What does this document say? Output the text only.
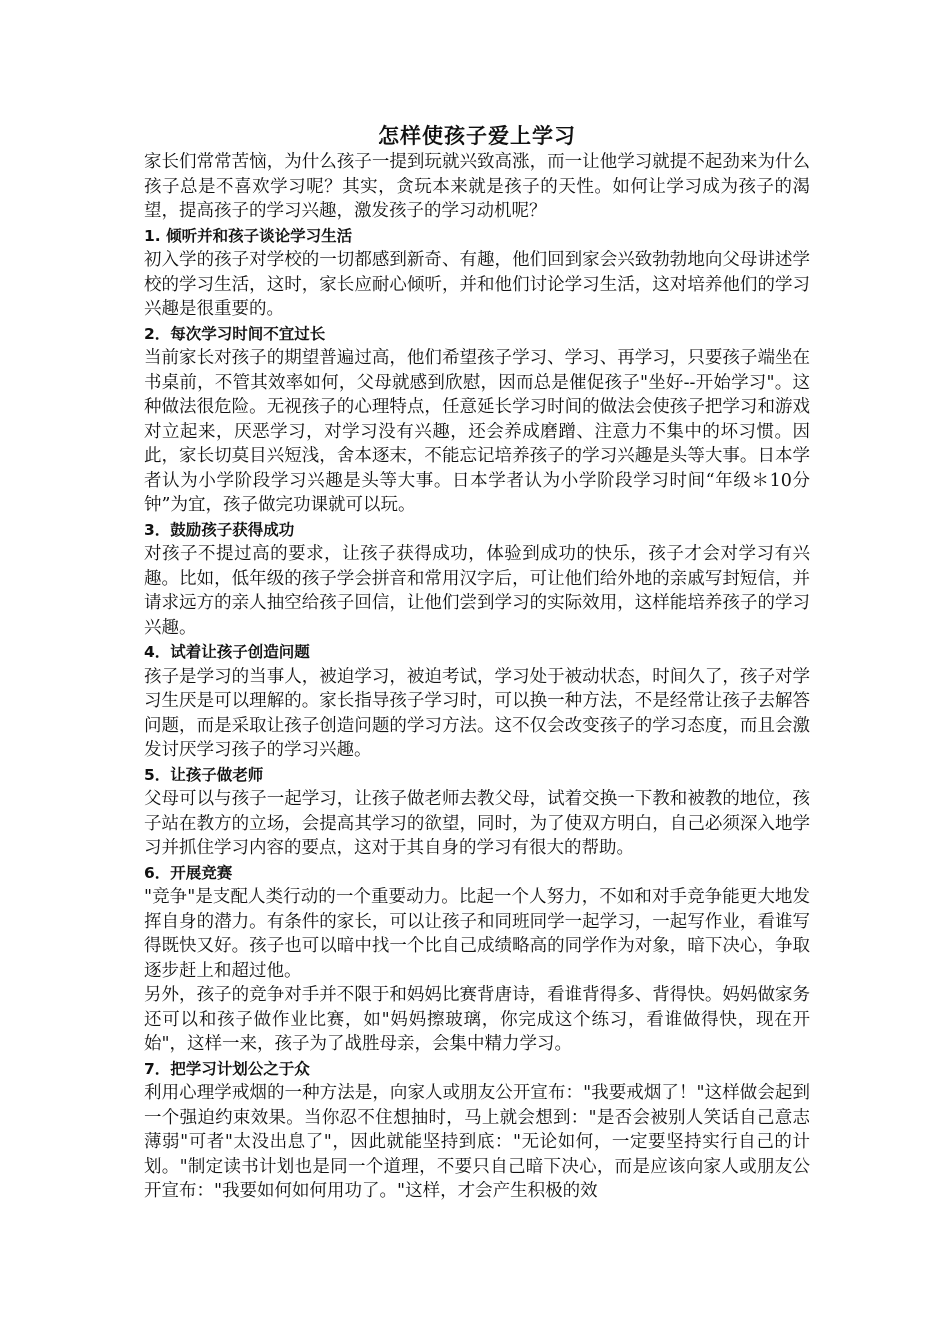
怎样使孩子爱上学习

家长们常常苦恼，为什么孩子一提到玩就兴致高涨，而一让他学习就提不起劲来为什么孩子总是不喜欢学习呢？其实，贪玩本来就是孩子的天性。如何让学习成为孩子的渴望，提高孩子的学习兴趣，激发孩子的学习动机呢？

1. 倾听并和孩子谈论学习生活

初入学的孩子对学校的一切都感到新奇、有趣，他们回到家会兴致勃勃地向父母讲述学校的学习生活，这时，家长应耐心倾听，并和他们讨论学习生活，这对培养他们的学习兴趣是很重要的。

2．每次学习时间不宜过长

当前家长对孩子的期望普遍过高，他们希望孩子学习、学习、再学习，只要孩子端坐在书桌前，不管其效率如何，父母就感到欣慰，因而总是催促孩子"坐好--开始学习"。这种做法很危险。无视孩子的心理特点，任意延长学习时间的做法会使孩子把学习和游戏对立起来，厌恶学习，对学习没有兴趣，还会养成磨蹭、注意力不集中的坏习惯。因此，家长切莫目兴短浅，舍本逐末，不能忘记培养孩子的学习兴趣是头等大事。日本学者认为小学阶段学习兴趣是头等大事。日本学者认为小学阶段学习时间“年级＊10分钟”为宜，孩子做完功课就可以玩。

3．鼓励孩子获得成功

对孩子不提过高的要求，让孩子获得成功，体验到成功的快乐，孩子才会对学习有兴趣。比如，低年级的孩子学会拼音和常用汉字后，可让他们给外地的亲戚写封短信，并请求远方的亲人抽空给孩子回信，让他们尝到学习的实际效用，这样能培养孩子的学习兴趣。

4．试着让孩子创造问题

孩子是学习的当事人，被迫学习，被迫考试，学习处于被动状态，时间久了，孩子对学习生厌是可以理解的。家长指导孩子学习时，可以换一种方法，不是经常让孩子去解答问题，而是采取让孩子创造问题的学习方法。这不仅会改变孩子的学习态度，而且会激发讨厌学习孩子的学习兴趣。

5．让孩子做老师

父母可以与孩子一起学习，让孩子做老师去教父母，试着交换一下教和被教的地位，孩子站在教方的立场，会提高其学习的欲望，同时，为了使双方明白，自己必须深入地学习并抓住学习内容的要点，这对于其自身的学习有很大的帮助。

6．开展竞赛

"竞争"是支配人类行动的一个重要动力。比起一个人努力，不如和对手竞争能更大地发挥自身的潜力。有条件的家长，可以让孩子和同班同学一起学习，一起写作业，看谁写得既快又好。孩子也可以暗中找一个比自己成绩略高的同学作为对象，暗下决心，争取逐步赶上和超过他。

另外，孩子的竞争对手并不限于和妈妈比赛背唐诗，看谁背得多、背得快。妈妈做家务还可以和孩子做作业比赛，如"妈妈擦玻璃，你完成这个练习，看谁做得快，现在开始"，这样一来，孩子为了战胜母亲，会集中精力学习。

7．把学习计划公之于众

利用心理学戒烟的一种方法是，向家人或朋友公开宣布："我要戒烟了！"这样做会起到一个强迫约束效果。当你忍不住想抽时，马上就会想到："是否会被别人笑话自己意志薄弱"可者"太没出息了"，因此就能坚持到底："无论如何，一定要坚持实行自己的计划。"制定读书计划也是同一个道理，不要只自己暗下决心，而是应该向家人或朋友公开宣布："我要如何如何用功了。"这样，才会产生积极的效
